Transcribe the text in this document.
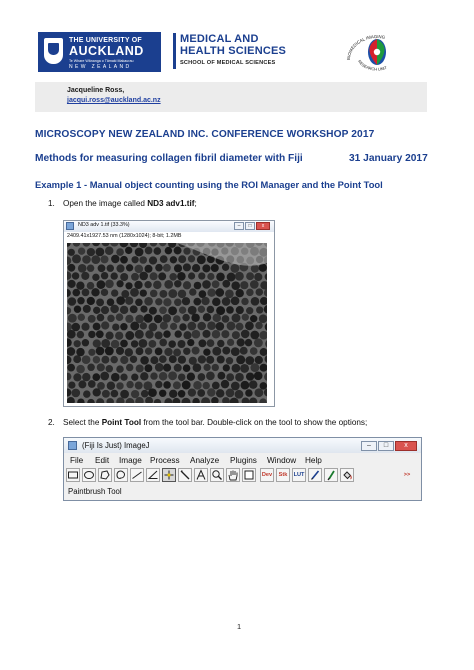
THE UNIVERSITY OF
AUCKLAND
Te Whare Wānanga o Tāmaki Makaurau
NEW ZEALAND
MEDICAL AND
HEALTH SCIENCES
SCHOOL OF MEDICAL SCIENCES
BIOMEDICAL IMAGING
RESEARCH UNIT
Jacqueline Ross,
jacqui.ross@auckland.ac.nz
MICROSCOPY NEW ZEALAND INC. CONFERENCE WORKSHOP 2017
Methods for measuring collagen fibril diameter with Fiji	31 January 2017
Example 1 - Manual object counting using the ROI Manager and the Point Tool
1. Open the image called ND3 adv1.tif;
ND3 adv 1.tif (33.3%)	–	□	x
2409.41x1927.53 nm (1280x1024); 8-bit; 1.2MB
2. Select the Point Tool from the tool bar. Double-click on the tool to show the options;
(Fiji Is Just) ImageJ	–	□	x
File Edit Image Process Analyze Plugins Window Help
Dev Stk LUT	>>
Paintbrush Tool
1
